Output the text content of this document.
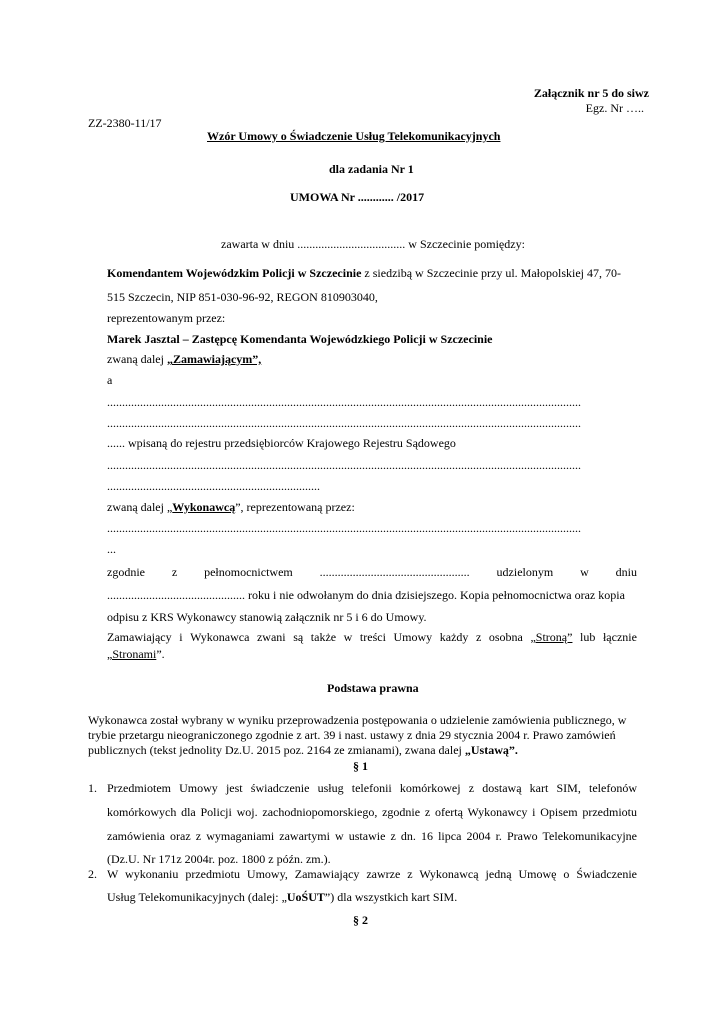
Załącznik nr 5 do siwz
Egz. Nr …..
ZZ-2380-11/17
Wzór Umowy o Świadczenie Usług Telekomunikacyjnych
dla zadania Nr 1
UMOWA Nr ............ /2017
zawarta w dniu .................................... w Szczecinie pomiędzy:
Komendantem Wojewódzkim Policji w Szczecinie z siedzibą w Szczecinie przy ul. Małopolskiej 47, 70-
515 Szczecin, NIP 851-030-96-92, REGON 810903040,
reprezentowanym przez:
Marek Jasztal – Zastępcę Komendanta Wojewódzkiego Policji w Szczecinie
zwaną dalej „Zamawiającym”,
a
..............................................................................................................................................................
..............................................................................................................................................................
...... wpisaną do rejestru przedsiębiorców Krajowego Rejestru Sądowego
..............................................................................................................................................................
.......................................................................
zwaną dalej „Wykonawcą”, reprezentowaną przez:
..............................................................................................................................................................
...
zgodnie z pełnomocnictwem .................................................. udzielonym w dniu
.............................................. roku i nie odwołanym do dnia dzisiejszego. Kopia pełnomocnictwa oraz kopia
odpisu z KRS Wykonawcy stanowią załącznik nr 5 i 6 do Umowy.
Zamawiający i Wykonawca zwani są także w treści Umowy każdy z osobna „Stroną” lub łącznie
„Stronami”.
Podstawa prawna
Wykonawca został wybrany w wyniku przeprowadzenia postępowania o udzielenie zamówienia publicznego, w
trybie przetargu nieograniczonego zgodnie z art. 39 i nast. ustawy z dnia 29 stycznia 2004 r. Prawo zamówień
publicznych (tekst jednolity Dz.U. 2015 poz. 2164 ze zmianami), zwana dalej „Ustawą”.
§ 1
1. Przedmiotem Umowy jest świadczenie usług telefonii komórkowej z dostawą kart SIM, telefonów
komórkowych dla Policji woj. zachodniopomorskiego, zgodnie z ofertą Wykonawcy i Opisem przedmiotu
zamówienia oraz z wymaganiami zawartymi w ustawie z dn. 16 lipca 2004 r. Prawo Telekomunikacyjne
(Dz.U. Nr 171z 2004r. poz. 1800 z późn. zm.).
2. W wykonaniu przedmiotu Umowy, Zamawiający zawrze z Wykonawcą jedną Umowę o Świadczenie
Usług Telekomunikacyjnych (dalej: „UoŚUT”) dla wszystkich kart SIM.
§ 2
